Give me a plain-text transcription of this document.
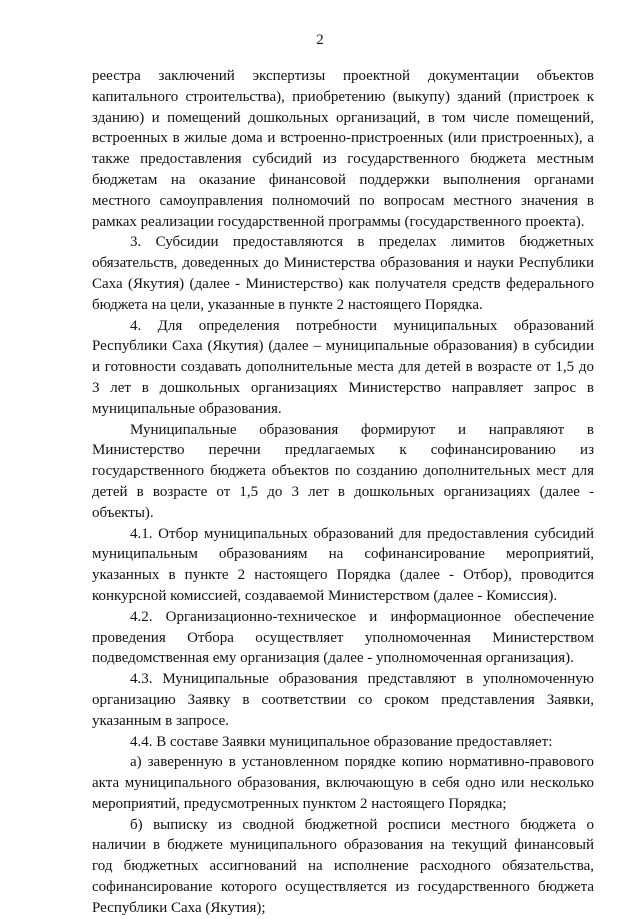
2

реестра заключений экспертизы проектной документации объектов капитального строительства), приобретению (выкупу) зданий (пристроек к зданию) и помещений дошкольных организаций, в том числе помещений, встроенных в жилые дома и встроенно-пристроенных (или пристроенных), а также предоставления субсидий из государственного бюджета местным бюджетам на оказание финансовой поддержки выполнения органами местного самоуправления полномочий по вопросам местного значения в рамках реализации государственной программы (государственного проекта).

3. Субсидии предоставляются в пределах лимитов бюджетных обязательств, доведенных до Министерства образования и науки Республики Саха (Якутия) (далее - Министерство) как получателя средств федерального бюджета на цели, указанные в пункте 2 настоящего Порядка.

4. Для определения потребности муниципальных образований Республики Саха (Якутия) (далее – муниципальные образования) в субсидии и готовности создавать дополнительные места для детей в возрасте от 1,5 до 3 лет в дошкольных организациях Министерство направляет запрос в муниципальные образования.

Муниципальные образования формируют и направляют в Министерство перечни предлагаемых к софинансированию из государственного бюджета объектов по созданию дополнительных мест для детей в возрасте от 1,5 до 3 лет в дошкольных организациях (далее - объекты).

4.1. Отбор муниципальных образований для предоставления субсидий муниципальным образованиям на софинансирование мероприятий, указанных в пункте 2 настоящего Порядка (далее - Отбор), проводится конкурсной комиссией, создаваемой Министерством (далее - Комиссия).

4.2. Организационно-техническое и информационное обеспечение проведения Отбора осуществляет уполномоченная Министерством подведомственная ему организация (далее - уполномоченная организация).

4.3. Муниципальные образования представляют в уполномоченную организацию Заявку в соответствии со сроком представления Заявки, указанным в запросе.

4.4. В составе Заявки муниципальное образование предоставляет:

а) заверенную в установленном порядке копию нормативно-правового акта муниципального образования, включающую в себя одно или несколько мероприятий, предусмотренных пунктом 2 настоящего Порядка;

б) выписку из сводной бюджетной росписи местного бюджета о наличии в бюджете муниципального образования на текущий финансовый год бюджетных ассигнований на исполнение расходного обязательства, софинансирование которого осуществляется из государственного бюджета Республики Саха (Якутия);
